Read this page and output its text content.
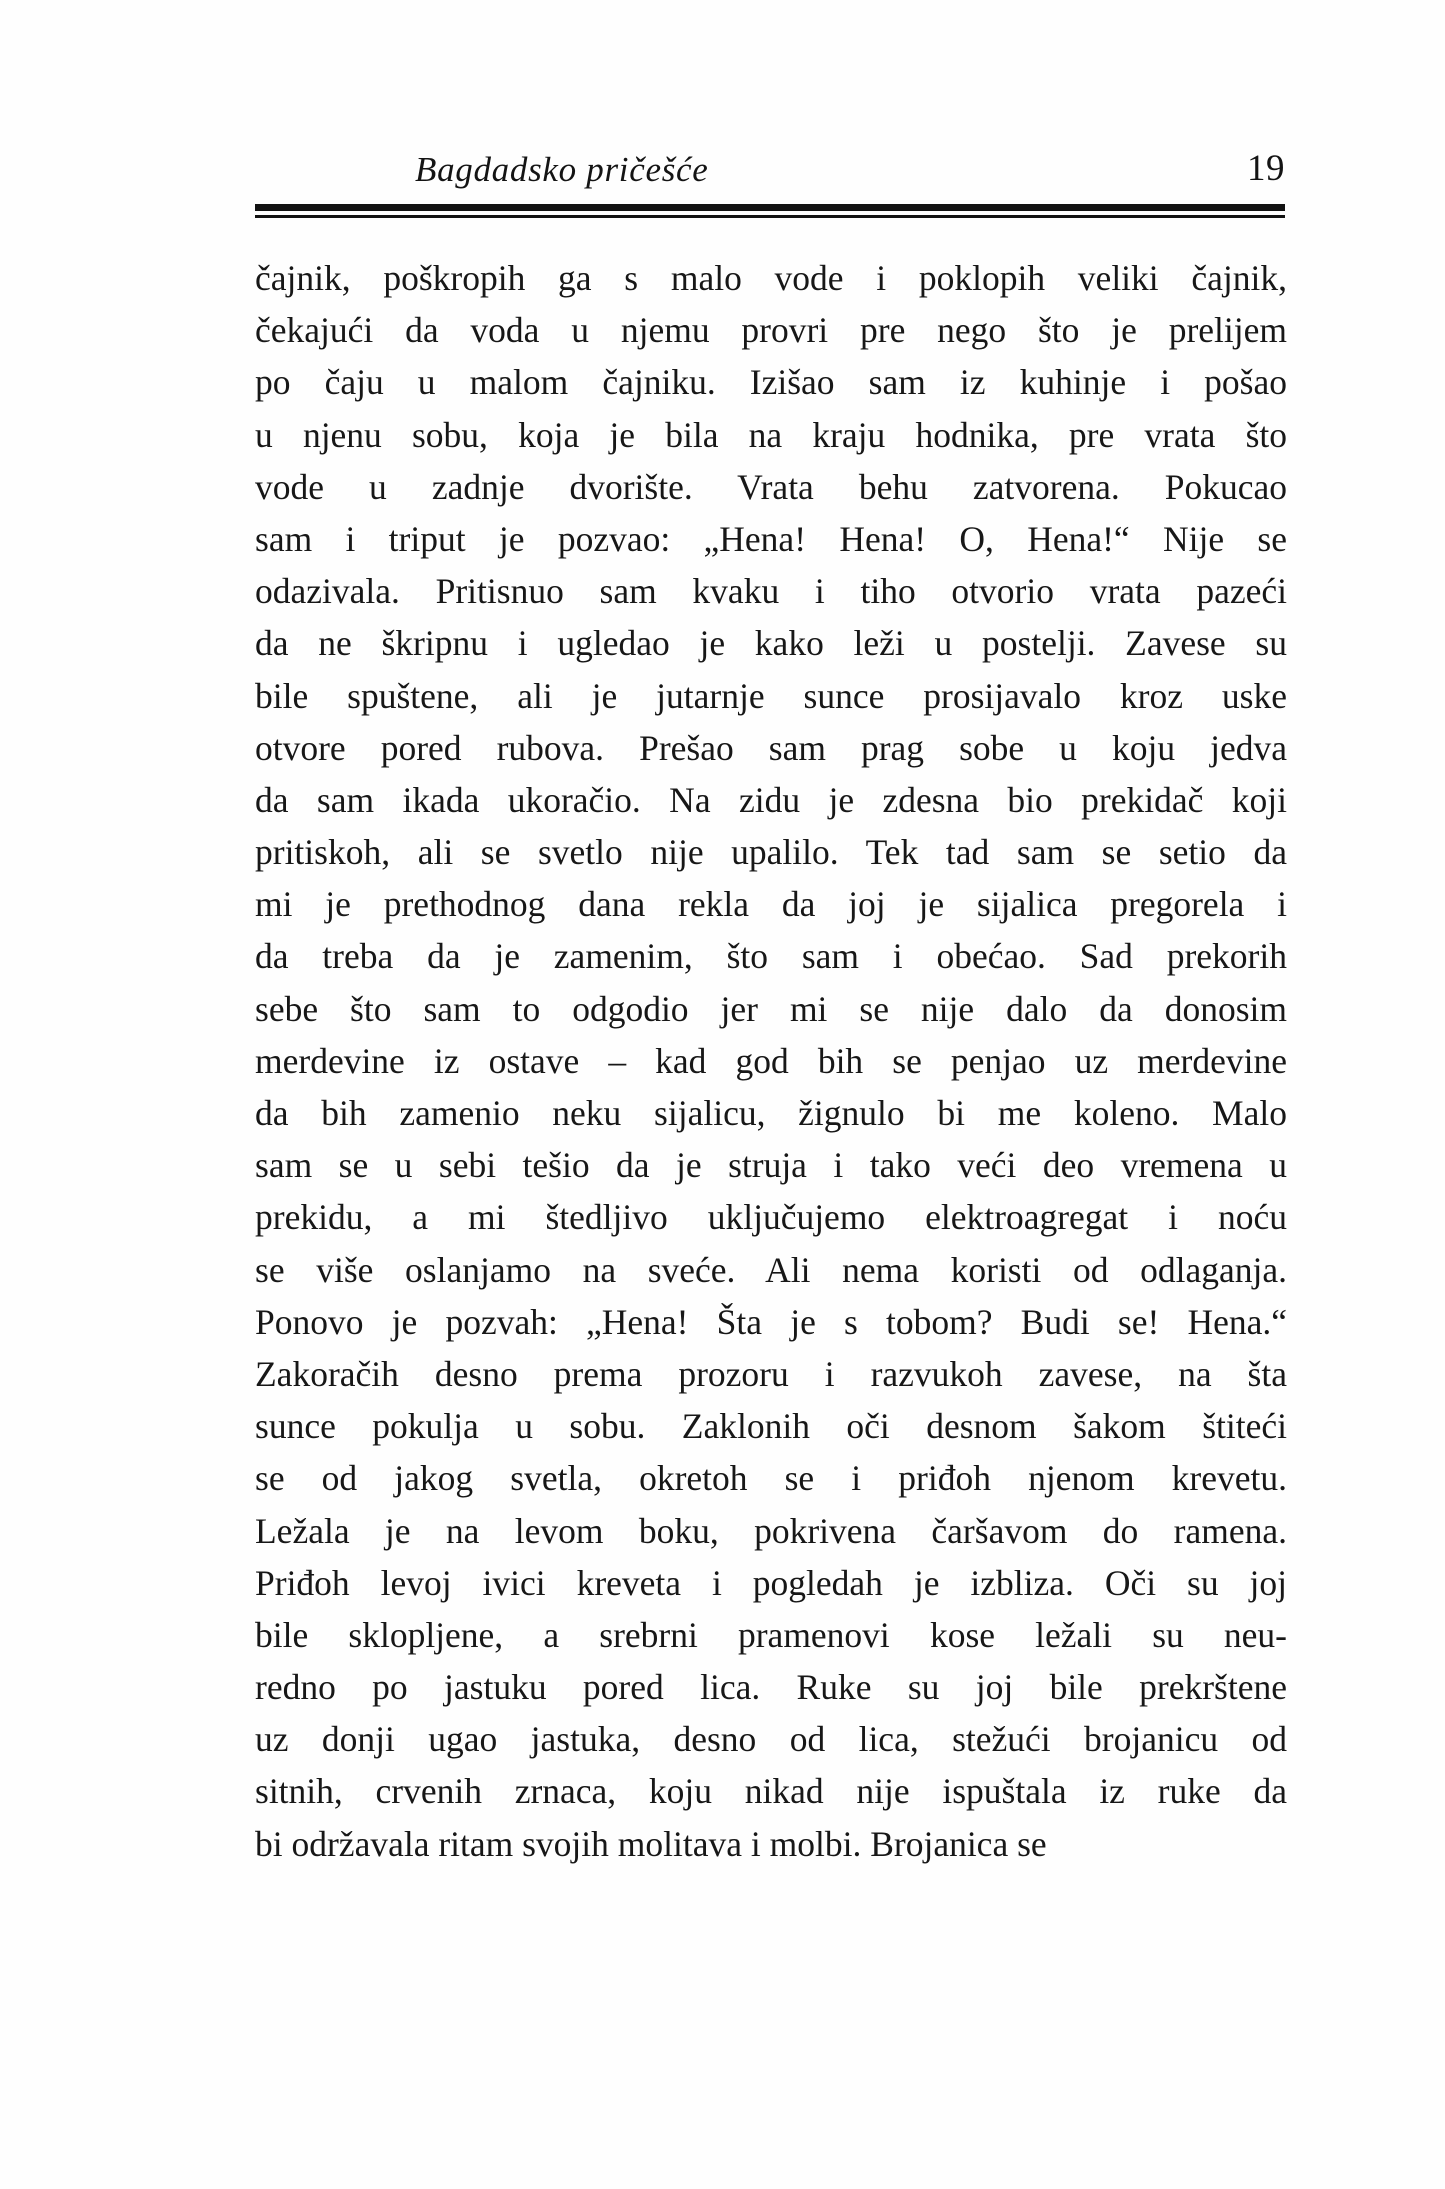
Bagdadsko pričešće	19
čajnik, poškropih ga s malo vode i poklopih veliki čajnik,
čekajući da voda u njemu provri pre nego što je prelijem
po čaju u malom čajniku. Izišao sam iz kuhinje i pošao
u njenu sobu, koja je bila na kraju hodnika, pre vrata što
vode u zadnje dvorište. Vrata behu zatvorena. Pokucao
sam i triput je pozvao: „Hena! Hena! O, Hena!“ Nije se
odazivala. Pritisnuo sam kvaku i tiho otvorio vrata pazeći
da ne škripnu i ugledao je kako leži u postelji. Zavese su
bile spuštene, ali je jutarnje sunce prosijavalo kroz uske
otvore pored rubova. Prešao sam prag sobe u koju jedva
da sam ikada ukoračio. Na zidu je zdesna bio prekidač koji
pritiskoh, ali se svetlo nije upalilo. Tek tad sam se setio da
mi je prethodnog dana rekla da joj je sijalica pregorela i
da treba da je zamenim, što sam i obećao. Sad prekorih
sebe što sam to odgodio jer mi se nije dalo da donosim
merdevine iz ostave – kad god bih se penjao uz merdevine
da bih zamenio neku sijalicu, žignulo bi me koleno. Malo
sam se u sebi tešio da je struja i tako veći deo vremena u
prekidu, a mi štedljivo uključujemo elektroagregat i noću
se više oslanjamo na sveće. Ali nema koristi od odlaganja.
Ponovo je pozvah: „Hena! Šta je s tobom? Budi se! Hena.“
Zakoračih desno prema prozoru i razvukoh zavese, na šta
sunce pokulja u sobu. Zaklonih oči desnom šakom štiteći
se od jakog svetla, okretoh se i priđoh njenom krevetu.
Ležala je na levom boku, pokrivena čaršavom do ramena.
Priđoh levoj ivici kreveta i pogledah je izbliza. Oči su joj
bile sklopljene, a srebrni pramenovi kose ležali su neu-
redno po jastuku pored lica. Ruke su joj bile prekrštene
uz donji ugao jastuka, desno od lica, stežući brojanicu od
sitnih, crvenih zrnaca, koju nikad nije ispuštala iz ruke da
bi održavala ritam svojih molitava i molbi. Brojanica se
